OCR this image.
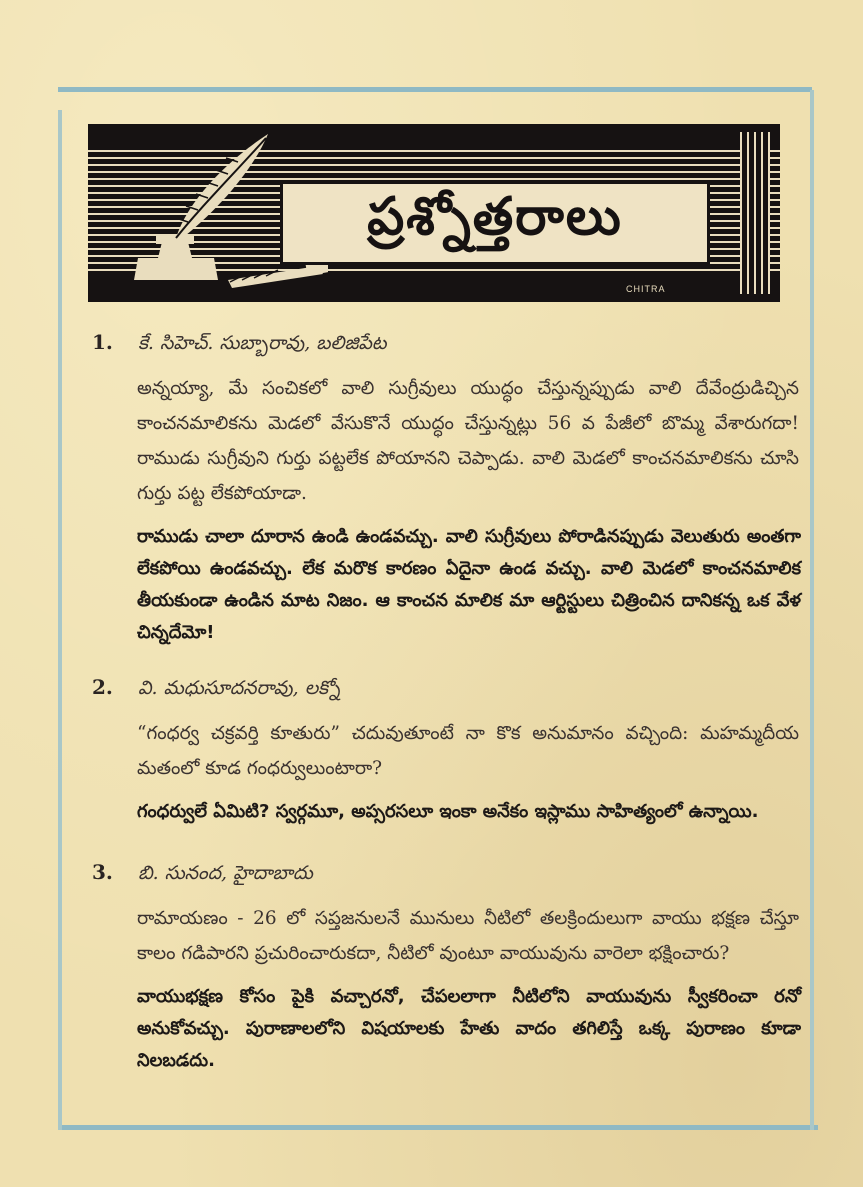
ప్రశ్నోత్తరాలు
CHITRA
1.	కే. సిహెచ్. సుబ్బారావు, బలిజిపేట
అన్నయ్యా, మే సంచికలో వాలి సుగ్రీవులు యుద్ధం చేస్తున్నప్పుడు వాలి దేవేంద్రుడిచ్చిన కాంచనమాలికను మెడలో వేసుకొనే యుద్ధం చేస్తున్నట్లు 56 వ పేజీలో బొమ్మ వేశారుగదా! రాముడు సుగ్రీవుని గుర్తు పట్టలేక పోయానని చెప్పాడు. వాలి మెడలో కాంచనమాలికను చూసి గుర్తు పట్ట లేకపోయాడా.
రాముడు చాలా దూరాన ఉండి ఉండవచ్చు. వాలి సుగ్రీవులు పోరాడినప్పుడు వెలుతురు అంతగా లేకపోయి ఉండవచ్చు. లేక మరొక కారణం ఏదైనా ఉండ వచ్చు. వాలి మెడలో కాంచనమాలిక తీయకుండా ఉండిన మాట నిజం. ఆ కాంచన మాలిక మా ఆర్టిస్టులు చిత్రించిన దానికన్న ఒక వేళ చిన్నదేమో!
2.	వి. మధుసూదనరావు, లక్నో
“గంధర్వ చక్రవర్తి కూతురు” చదువుతూంటే నా కొక అనుమానం వచ్చింది: మహమ్మదీయ మతంలో కూడ గంధర్వులుంటారా?
గంధర్వులే ఏమిటి? స్వర్గమూ, అప్సరసలూ ఇంకా అనేకం ఇస్లాము సాహిత్యంలో ఉన్నాయి.
3.	బి. సునంద, హైదాబాదు
రామాయణం - 26 లో సప్తజనులనే మునులు నీటిలో తలక్రిందులుగా వాయు భక్షణ చేస్తూ కాలం గడిపారని ప్రచురించారుకదా, నీటిలో వుంటూ వాయువును వారెలా భక్షించారు?
వాయుభక్షణ కోసం పైకి వచ్చారనో, చేపలలాగా నీటిలోని వాయువును స్వీకరించా రనో అనుకోవచ్చు. పురాణాలలోని విషయాలకు హేతు వాదం తగిలిస్తే ఒక్క పురాణం కూడా నిలబడదు.
